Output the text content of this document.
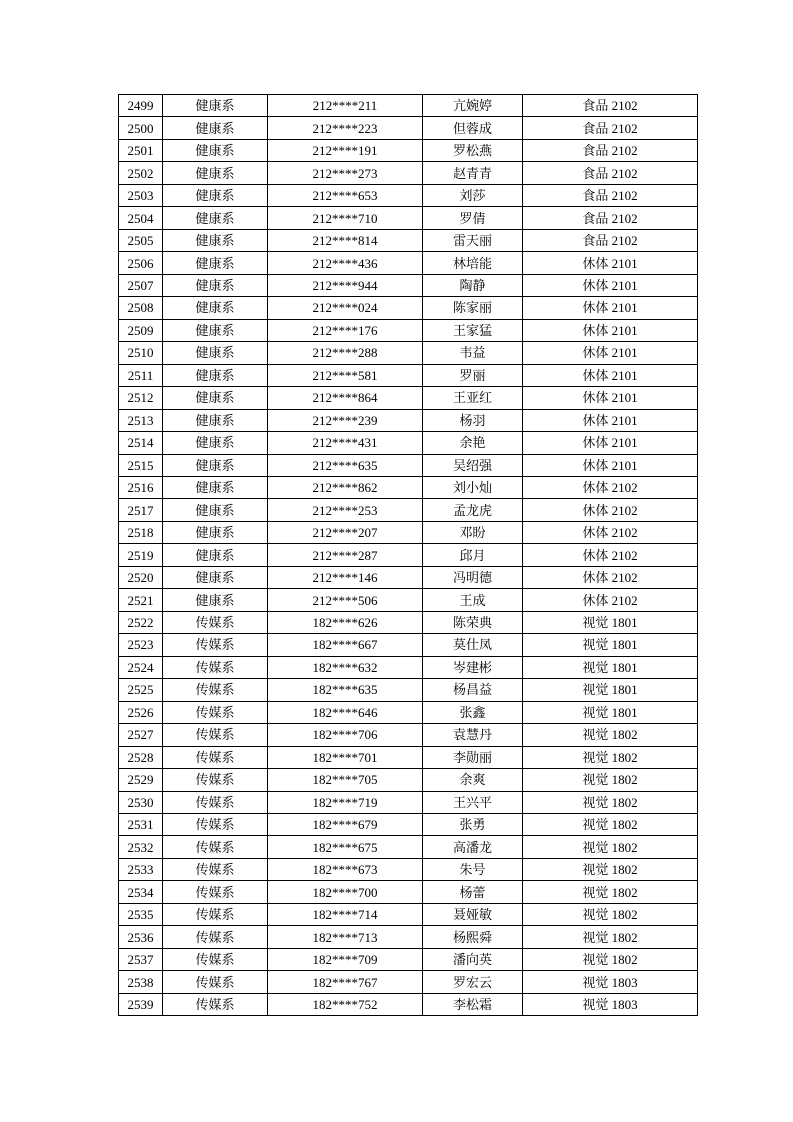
2499	健康系	212****211	亢婉婷	食品 2102
2500	健康系	212****223	但蓉成	食品 2102
2501	健康系	212****191	罗松燕	食品 2102
2502	健康系	212****273	赵青青	食品 2102
2503	健康系	212****653	刘莎	食品 2102
2504	健康系	212****710	罗倩	食品 2102
2505	健康系	212****814	雷天丽	食品 2102
2506	健康系	212****436	林培能	休体 2101
2507	健康系	212****944	陶静	休体 2101
2508	健康系	212****024	陈家丽	休体 2101
2509	健康系	212****176	王家猛	休体 2101
2510	健康系	212****288	韦益	休体 2101
2511	健康系	212****581	罗丽	休体 2101
2512	健康系	212****864	王亚红	休体 2101
2513	健康系	212****239	杨羽	休体 2101
2514	健康系	212****431	余艳	休体 2101
2515	健康系	212****635	吴绍强	休体 2101
2516	健康系	212****862	刘小灿	休体 2102
2517	健康系	212****253	孟龙虎	休体 2102
2518	健康系	212****207	邓盼	休体 2102
2519	健康系	212****287	邱月	休体 2102
2520	健康系	212****146	冯明德	休体 2102
2521	健康系	212****506	王成	休体 2102
2522	传媒系	182****626	陈荣典	视觉 1801
2523	传媒系	182****667	莫仕凤	视觉 1801
2524	传媒系	182****632	岑建彬	视觉 1801
2525	传媒系	182****635	杨昌益	视觉 1801
2526	传媒系	182****646	张鑫	视觉 1801
2527	传媒系	182****706	袁慧丹	视觉 1802
2528	传媒系	182****701	李勋丽	视觉 1802
2529	传媒系	182****705	余爽	视觉 1802
2530	传媒系	182****719	王兴平	视觉 1802
2531	传媒系	182****679	张勇	视觉 1802
2532	传媒系	182****675	高潘龙	视觉 1802
2533	传媒系	182****673	朱号	视觉 1802
2534	传媒系	182****700	杨蕾	视觉 1802
2535	传媒系	182****714	聂娅敏	视觉 1802
2536	传媒系	182****713	杨熙舜	视觉 1802
2537	传媒系	182****709	潘向英	视觉 1802
2538	传媒系	182****767	罗宏云	视觉 1803
2539	传媒系	182****752	李松霜	视觉 1803
